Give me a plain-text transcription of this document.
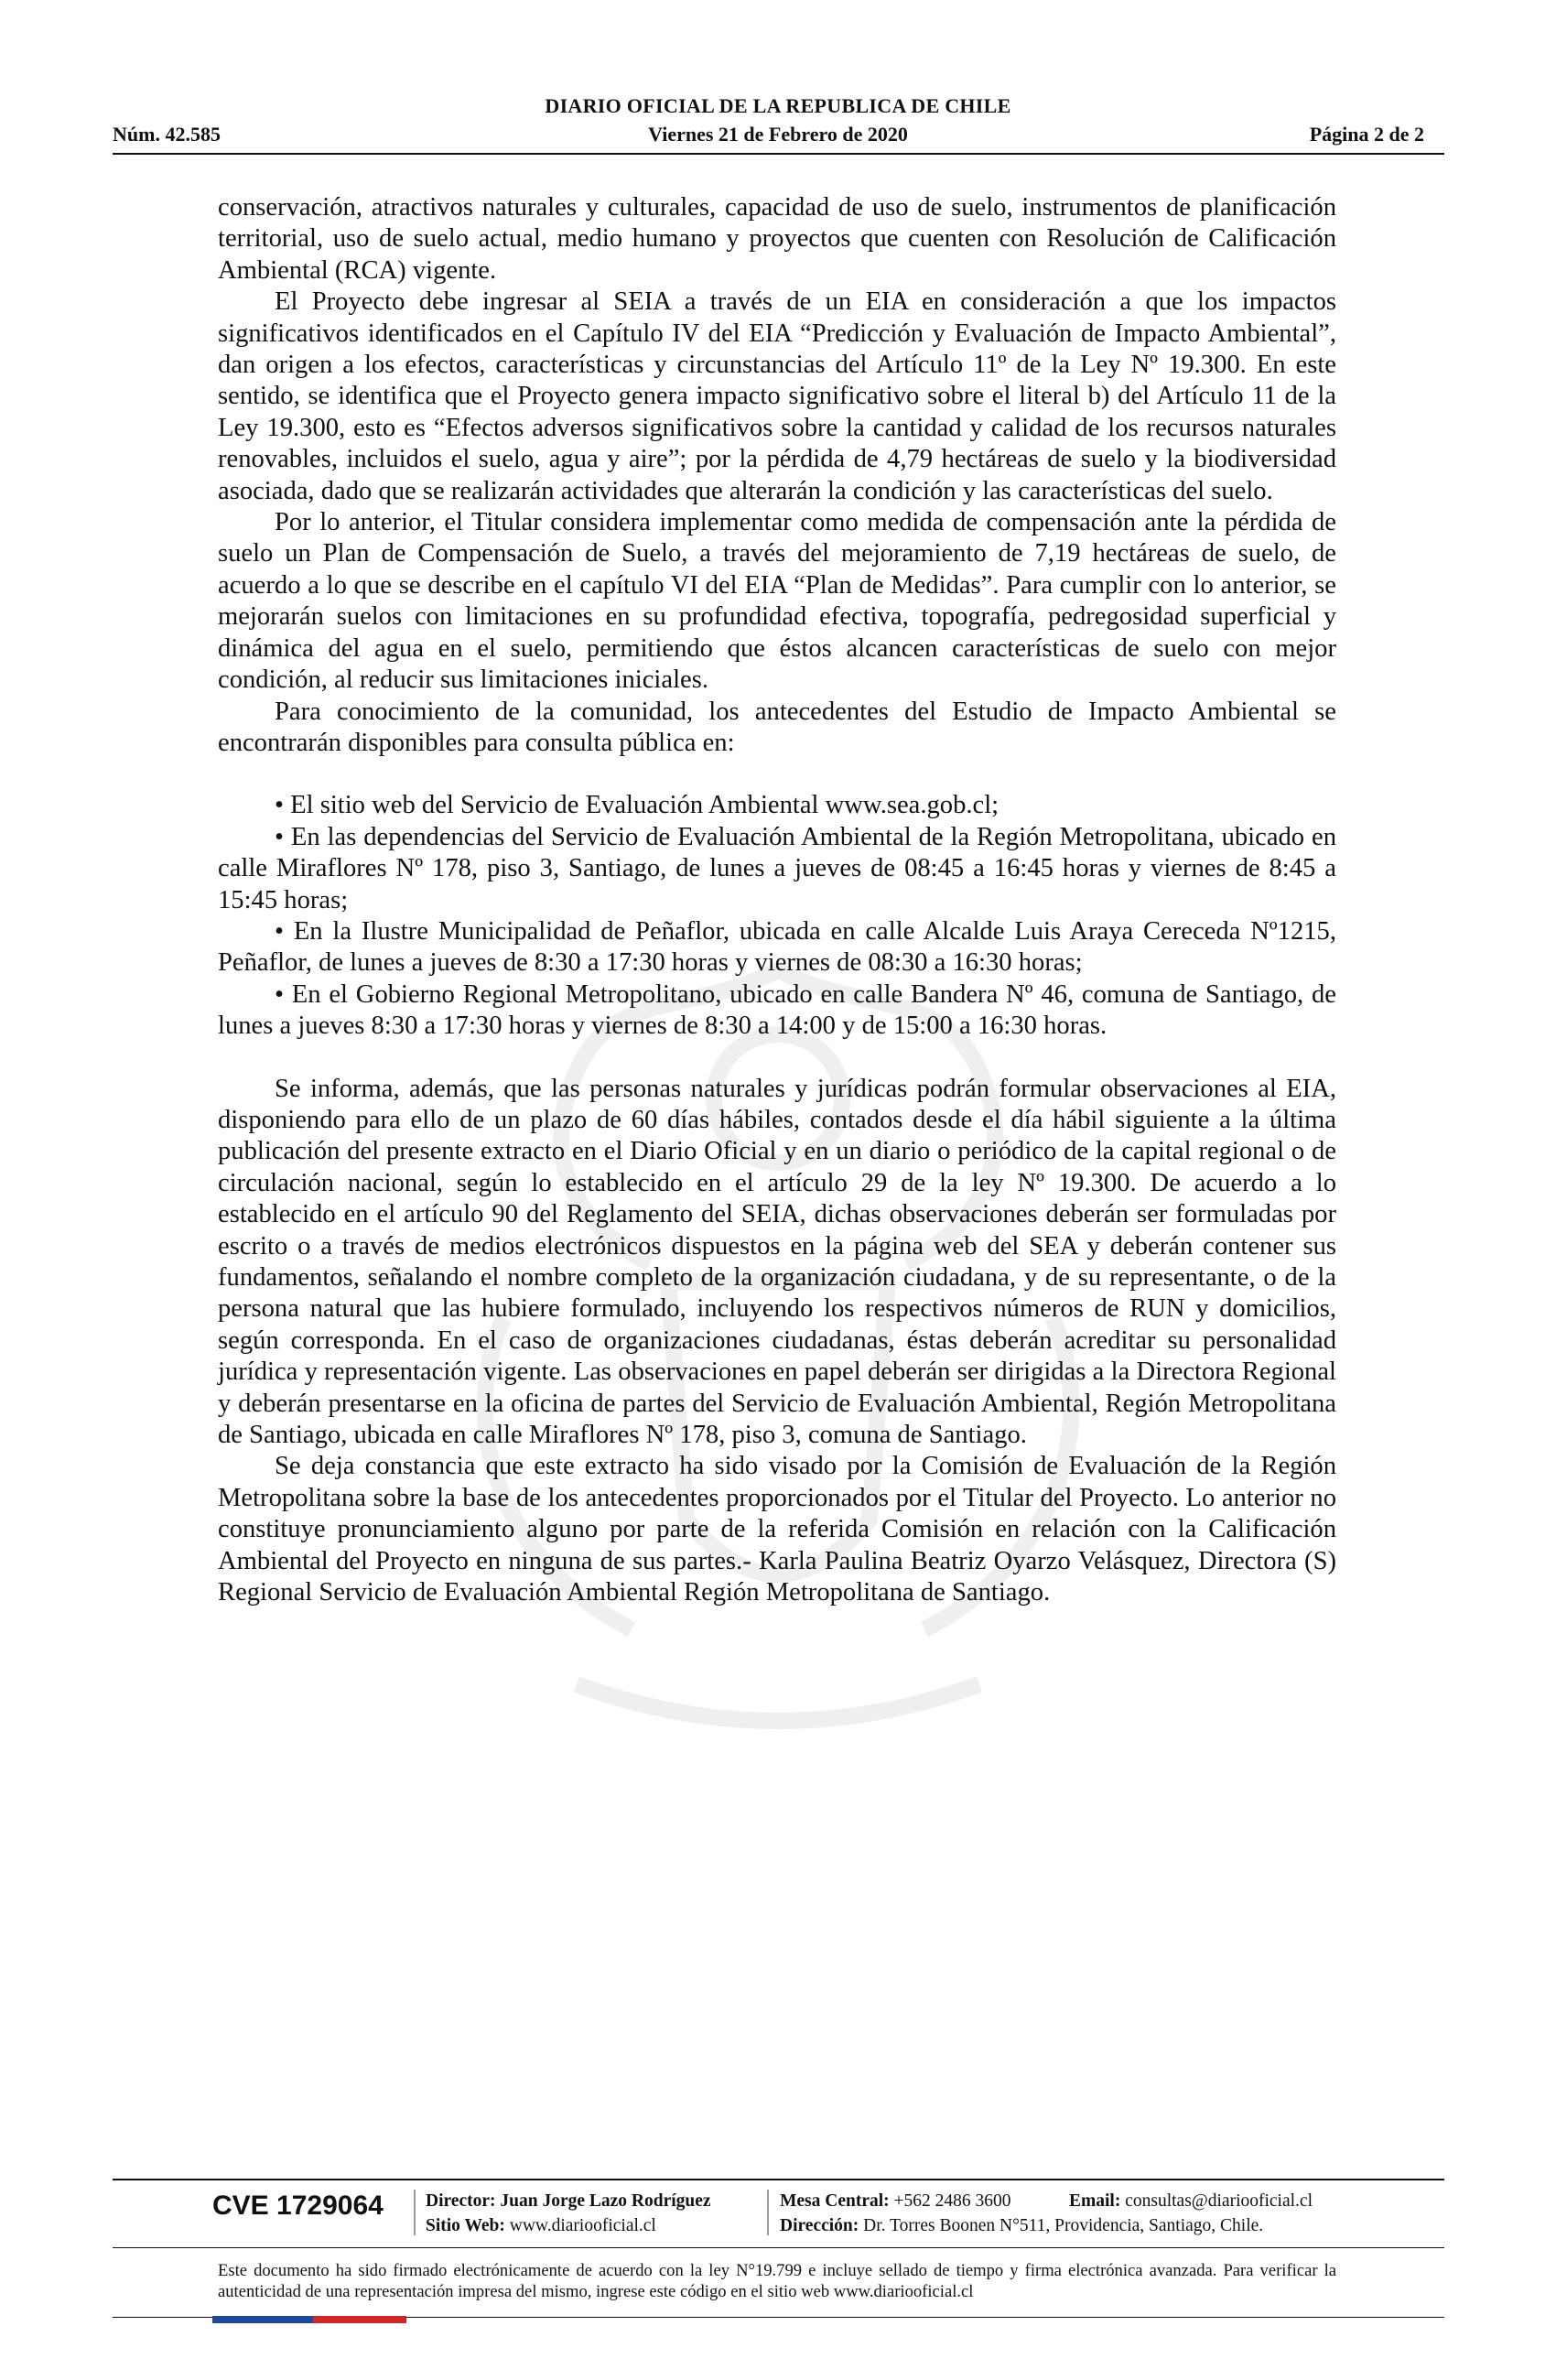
DIARIO OFICIAL DE LA REPUBLICA DE CHILE
Núm. 42.585	Viernes 21 de Febrero de 2020	Página 2 de 2

conservación, atractivos naturales y culturales, capacidad de uso de suelo, instrumentos de planificación territorial, uso de suelo actual, medio humano y proyectos que cuenten con Resolución de Calificación Ambiental (RCA) vigente.

El Proyecto debe ingresar al SEIA a través de un EIA en consideración a que los impactos significativos identificados en el Capítulo IV del EIA “Predicción y Evaluación de Impacto Ambiental”, dan origen a los efectos, características y circunstancias del Artículo 11º de la Ley Nº 19.300. En este sentido, se identifica que el Proyecto genera impacto significativo sobre el literal b) del Artículo 11 de la Ley 19.300, esto es “Efectos adversos significativos sobre la cantidad y calidad de los recursos naturales renovables, incluidos el suelo, agua y aire”; por la pérdida de 4,79 hectáreas de suelo y la biodiversidad asociada, dado que se realizarán actividades que alterarán la condición y las características del suelo.

Por lo anterior, el Titular considera implementar como medida de compensación ante la pérdida de suelo un Plan de Compensación de Suelo, a través del mejoramiento de 7,19 hectáreas de suelo, de acuerdo a lo que se describe en el capítulo VI del EIA “Plan de Medidas”. Para cumplir con lo anterior, se mejorarán suelos con limitaciones en su profundidad efectiva, topografía, pedregosidad superficial y dinámica del agua en el suelo, permitiendo que éstos alcancen características de suelo con mejor condición, al reducir sus limitaciones iniciales.

Para conocimiento de la comunidad, los antecedentes del Estudio de Impacto Ambiental se encontrarán disponibles para consulta pública en:

• El sitio web del Servicio de Evaluación Ambiental www.sea.gob.cl;

• En las dependencias del Servicio de Evaluación Ambiental de la Región Metropolitana, ubicado en calle Miraflores Nº 178, piso 3, Santiago, de lunes a jueves de 08:45 a 16:45 horas y viernes de 8:45 a 15:45 horas;

• En la Ilustre Municipalidad de Peñaflor, ubicada en calle Alcalde Luis Araya Cereceda Nº1215, Peñaflor, de lunes a jueves de 8:30 a 17:30 horas y viernes de 08:30 a 16:30 horas;

• En el Gobierno Regional Metropolitano, ubicado en calle Bandera Nº 46, comuna de Santiago, de lunes a jueves 8:30 a 17:30 horas y viernes de 8:30 a 14:00 y de 15:00 a 16:30 horas.

Se informa, además, que las personas naturales y jurídicas podrán formular observaciones al EIA, disponiendo para ello de un plazo de 60 días hábiles, contados desde el día hábil siguiente a la última publicación del presente extracto en el Diario Oficial y en un diario o periódico de la capital regional o de circulación nacional, según lo establecido en el artículo 29 de la ley Nº 19.300. De acuerdo a lo establecido en el artículo 90 del Reglamento del SEIA, dichas observaciones deberán ser formuladas por escrito o a través de medios electrónicos dispuestos en la página web del SEA y deberán contener sus fundamentos, señalando el nombre completo de la organización ciudadana, y de su representante, o de la persona natural que las hubiere formulado, incluyendo los respectivos números de RUN y domicilios, según corresponda. En el caso de organizaciones ciudadanas, éstas deberán acreditar su personalidad jurídica y representación vigente. Las observaciones en papel deberán ser dirigidas a la Directora Regional y deberán presentarse en la oficina de partes del Servicio de Evaluación Ambiental, Región Metropolitana de Santiago, ubicada en calle Miraflores Nº 178, piso 3, comuna de Santiago.

Se deja constancia que este extracto ha sido visado por la Comisión de Evaluación de la Región Metropolitana sobre la base de los antecedentes proporcionados por el Titular del Proyecto. Lo anterior no constituye pronunciamiento alguno por parte de la referida Comisión en relación con la Calificación Ambiental del Proyecto en ninguna de sus partes.- Karla Paulina Beatriz Oyarzo Velásquez, Directora (S) Regional Servicio de Evaluación Ambiental Región Metropolitana de Santiago.

CVE 1729064 Director: Juan Jorge Lazo Rodríguez
Sitio Web: www.diariooficial.cl
Mesa Central: +562 2486 3600	Email: consultas@diariooficial.cl
Dirección: Dr. Torres Boonen N°511, Providencia, Santiago, Chile.

Este documento ha sido firmado electrónicamente de acuerdo con la ley N°19.799 e incluye sellado de tiempo y firma electrónica avanzada. Para verificar la autenticidad de una representación impresa del mismo, ingrese este código en el sitio web www.diariooficial.cl
